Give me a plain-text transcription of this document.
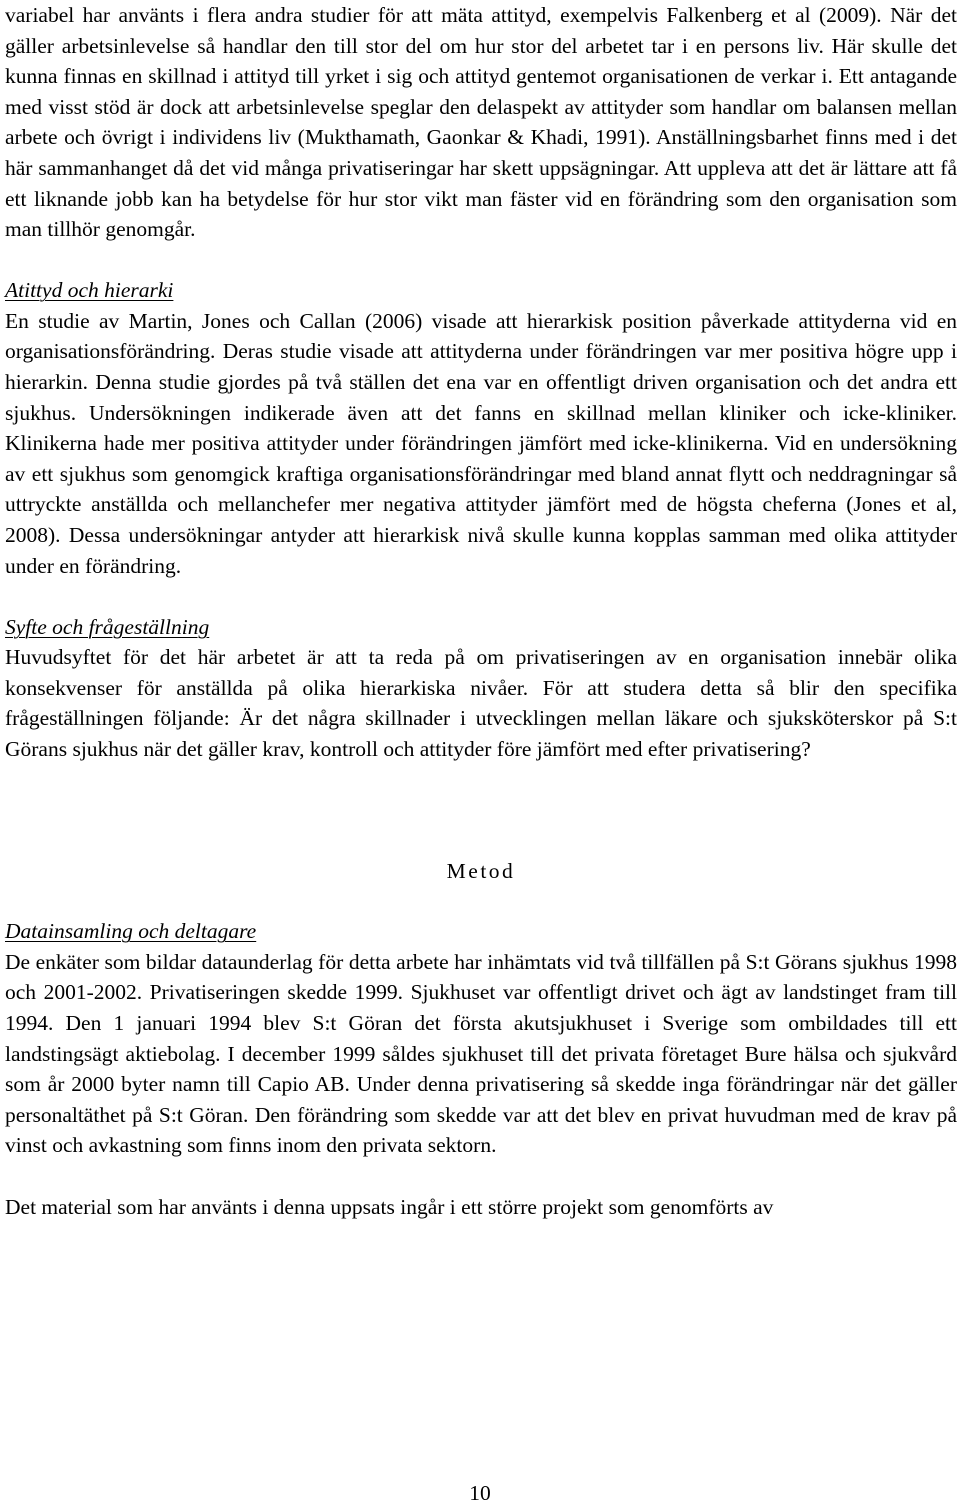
variabel har använts i flera andra studier för att mäta attityd, exempelvis Falkenberg et al (2009). När det gäller arbetsinlevelse så handlar den till stor del om hur stor del arbetet tar i en persons liv. Här skulle det kunna finnas en skillnad i attityd till yrket i sig och attityd gentemot organisationen de verkar i. Ett antagande med visst stöd är dock att arbetsinlevelse speglar den delaspekt av attityder som handlar om balansen mellan arbete och övrigt i individens liv (Mukthamath, Gaonkar & Khadi, 1991). Anställningsbarhet finns med i det här sammanhanget då det vid många privatiseringar har skett uppsägningar. Att uppleva att det är lättare att få ett liknande jobb kan ha betydelse för hur stor vikt man fäster vid en förändring som den organisation som man tillhör genomgår.

Atittyd och hierarki

En studie av Martin, Jones och Callan (2006) visade att hierarkisk position påverkade attityderna vid en organisationsförändring. Deras studie visade att attityderna under förändringen var mer positiva högre upp i hierarkin. Denna studie gjordes på två ställen det ena var en offentligt driven organisation och det andra ett sjukhus. Undersökningen indikerade även att det fanns en skillnad mellan kliniker och icke-kliniker. Klinikerna hade mer positiva attityder under förändringen jämfört med icke-klinikerna. Vid en undersökning av ett sjukhus som genomgick kraftiga organisationsförändringar med bland annat flytt och neddragningar så uttryckte anställda och mellanchefer mer negativa attityder jämfört med de högsta cheferna (Jones et al, 2008). Dessa undersökningar antyder att hierarkisk nivå skulle kunna kopplas samman med olika attityder under en förändring.

Syfte och frågeställning

Huvudsyftet för det här arbetet är att ta reda på om privatiseringen av en organisation innebär olika konsekvenser för anställda på olika hierarkiska nivåer. För att studera detta så blir den specifika frågeställningen följande: Är det några skillnader i utvecklingen mellan läkare och sjuksköterskor på S:t Görans sjukhus när det gäller krav, kontroll och attityder före jämfört med efter privatisering?

Metod
Datainsamling och deltagare

De enkäter som bildar dataunderlag för detta arbete har inhämtats vid två tillfällen på S:t Görans sjukhus 1998 och 2001-2002. Privatiseringen skedde 1999. Sjukhuset var offentligt drivet och ägt av landstinget fram till 1994. Den 1 januari 1994 blev S:t Göran det första akutsjukhuset i Sverige som ombildades till ett landstingsägt aktiebolag. I december 1999 såldes sjukhuset till det privata företaget Bure hälsa och sjukvård som år 2000 byter namn till Capio AB. Under denna privatisering så skedde inga förändringar när det gäller personaltäthet på S:t Göran. Den förändring som skedde var att det blev en privat huvudman med de krav på vinst och avkastning som finns inom den privata sektorn.

Det material som har använts i denna uppsats ingår i ett större projekt som genomförts av

10
